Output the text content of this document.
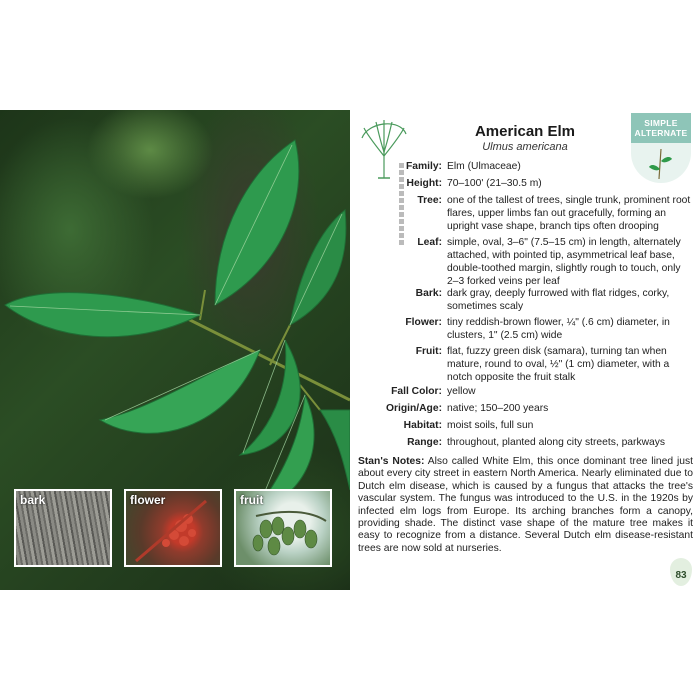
bark	flower	fruit
American Elm
Ulmus americana
SIMPLE
ALTERNATE
Family: Elm (Ulmaceae)
Height: 70–100' (21–30.5 m)
Tree: one of the tallest of trees, single trunk, prominent root flares, upper limbs fan out gracefully, forming an upright vase shape, branch tips often drooping
Leaf: simple, oval, 3–6" (7.5–15 cm) in length, alternately attached, with pointed tip, asymmetrical leaf base, double-toothed margin, slightly rough to touch, only 2–3 forked veins per leaf
Bark: dark gray, deeply furrowed with flat ridges, corky, sometimes scaly
Flower: tiny reddish-brown flower, ¼" (.6 cm) diameter, in clusters, 1" (2.5 cm) wide
Fruit: flat, fuzzy green disk (samara), turning tan when mature, round to oval, ½" (1 cm) diameter, with a notch opposite the fruit stalk
Fall Color: yellow
Origin/Age: native; 150–200 years
Habitat: moist soils, full sun
Range: throughout, planted along city streets, parkways
Stan's Notes: Also called White Elm, this once dominant tree lined just about every city street in eastern North America. Nearly eliminated due to Dutch elm disease, which is caused by a fungus that attacks the tree's vascular system. The fungus was introduced to the U.S. in the 1920s by infected elm logs from Europe. Its arching branches form a canopy, providing shade. The distinct vase shape of the mature tree makes it easy to recognize from a distance. Several Dutch elm disease-resistant trees are now sold at nurseries.
83
